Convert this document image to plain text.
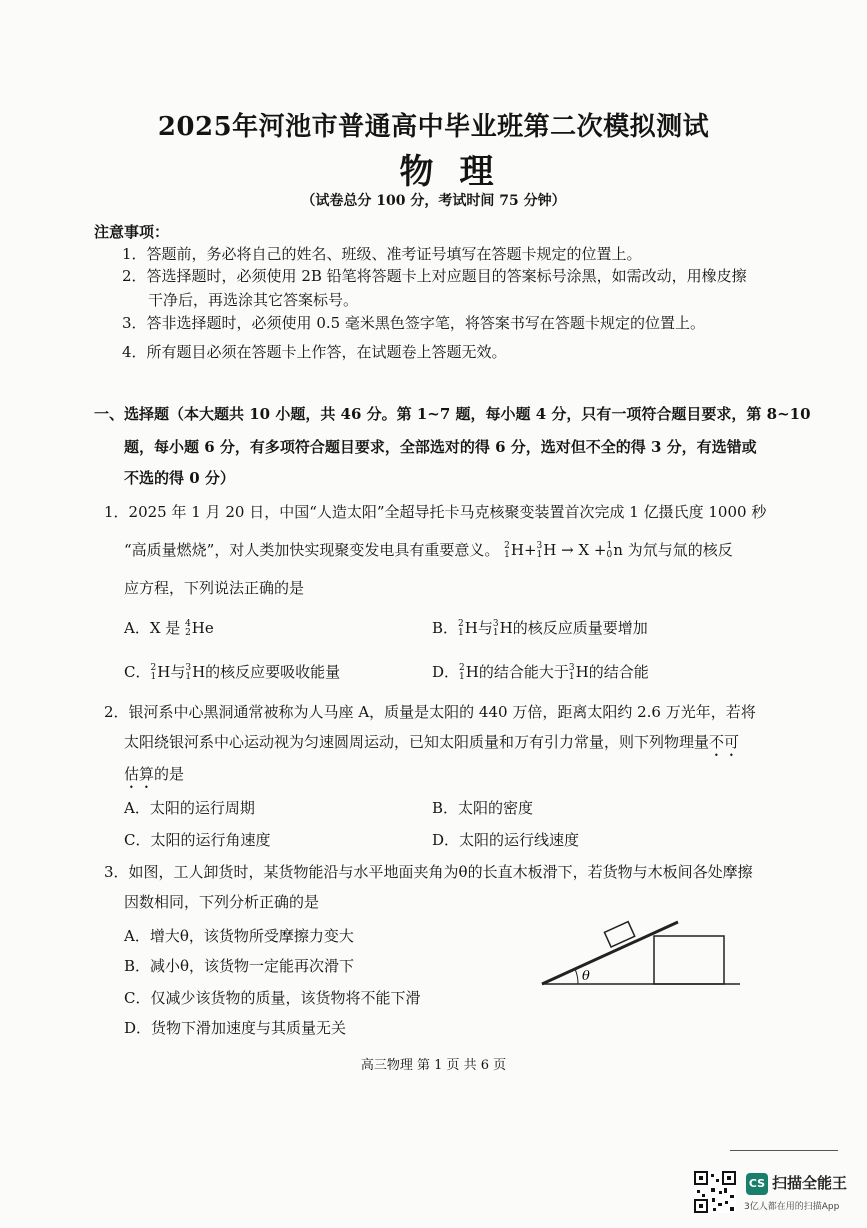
2025年河池市普通高中毕业班第二次模拟测试
物理
（试卷总分 100 分，考试时间 75 分钟）
注意事项：
1．答题前，务必将自己的姓名、班级、准考证号填写在答题卡规定的位置上。
2．答选择题时，必须使用 2B 铅笔将答题卡上对应题目的答案标号涂黑，如需改动，用橡皮擦
干净后，再选涂其它答案标号。
3．答非选择题时，必须使用 0.5 毫米黑色签字笔，将答案书写在答题卡规定的位置上。
4．所有题目必须在答题卡上作答，在试题卷上答题无效。
一、选择题（本大题共 10 小题，共 46 分。第 1~7 题，每小题 4 分，只有一项符合题目要求，第 8~10
题，每小题 6 分，有多项符合题目要求，全部选对的得 6 分，选对但不全的得 3 分，有选错或
不选的得 0 分）
1．2025 年 1 月 20 日，中国“人造太阳”全超导托卡马克核聚变装置首次完成 1 亿摄氏度 1000 秒
“高质量燃烧”，对人类加快实现聚变发电具有重要意义。 2
1 H+ 3
1 H → X + 1
0 n 为氘与氚的核反
应方程，下列说法正确的是
A．X 是 4
2 He	B． 2
1 H与 3
1 H的核反应质量要增加
C． 2
1 H与 3
1 H的核反应要吸收能量	D． 2
1 H的结合能大于 3
1 H的结合能
2．银河系中心黑洞通常被称为人马座 A，质量是太阳的 440 万倍，距离太阳约 2.6 万光年，若将
太阳绕银河系中心运动视为匀速圆周运动，已知太阳质量和万有引力常量，则下列物理量不可
估算的是
A．太阳的运行周期	B．太阳的密度
C．太阳的运行角速度	D．太阳的运行线速度
3．如图，工人卸货时，某货物能沿与水平地面夹角为θ的长直木板滑下，若货物与木板间各处摩擦
因数相同，下列分析正确的是
A．增大θ，该货物所受摩擦力变大
B．减小θ，该货物一定能再次滑下
C．仅减少该货物的质量，该货物将不能下滑
D．货物下滑加速度与其质量无关
θ
高三物理 第 1 页 共 6 页
CS 扫描全能王
3亿人都在用的扫描App
